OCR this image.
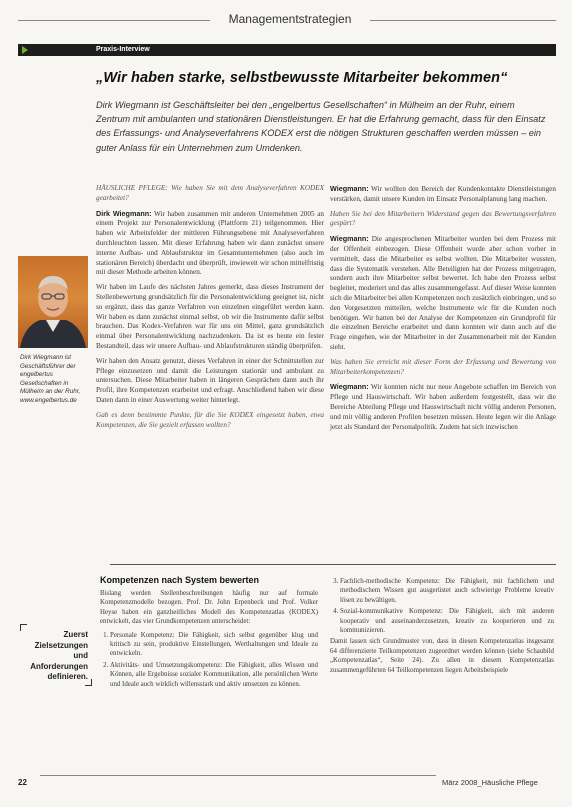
Managementstrategien
Praxis-Interview
„Wir haben starke, selbstbewusste Mitarbeiter bekommen“
Dirk Wiegmann ist Geschäftsleiter bei den „engelbertus Gesellschaften“ in Mülheim an der Ruhr, einem Zentrum mit ambulanten und stationären Dienstleistungen. Er hat die Erfahrung gemacht, dass für den Einsatz des Erfassungs- und Analyseverfahrens KODEX erst die nötigen Strukturen geschaffen werden müssen – ein guter Anlass für ein Unternehmen zum Umdenken.
Dirk Wiegmann ist Geschäftsführer der engelbertus Gesellschaften in Mülheim an der Ruhr, www.engelbertus.de

HÄUSLICHE PFLEGE: Wie haben Sie mit dem Analyseverfahren KODEX gearbeitet?

Dirk Wiegmann: Wir haben zusammen mit anderen Unternehmen 2005 an einem Projekt zur Personalentwicklung (Plattform 21) teilgenommen. Hier haben wir Arbeitsfelder der mittleren Führungsebene mit Analyseverfahren durchleuchten lassen. Mit dieser Erfahrung haben wir dann zunächst unsere interne Aufbau- und Ablaufstruktur im Gesamtunternehmen (also auch im stationären Bereich) überdacht und überprüft, inwieweit wir schon mittelfristig mit dieser Methode arbeiten können.

Wir haben im Laufe des nächsten Jahres gemerkt, dass dieses Instrument der Stellenbewertung grundsätzlich für die Personalentwicklung geeignet ist, nicht so ergänzt, dass das ganze Verfahren von einzelnen eingeführt werden kann. Wir haben es dann zunächst einmal selbst, ob wir die Instrumente dafür selbst brauchen. Das Kodex-Verfahren war für uns ein Mittel, ganz grundsätzlich einmal über Personalentwicklung nachzudenken. Da ist es heute ein fester Bestandteil, dass wir unsere Aufbau- und Ablaufstrukturen ständig überprüfen.

Wir haben den Ansatz genutzt, dieses Verfahren in einer der Schnittstellen zur Pflege einzusetzen und damit die Leistungen stationär und ambulant zu untersuchen. Diese Mitarbeiter haben in längeren Gesprächen dann auch ihr Profil, ihre Kompetenzen erarbeitet und erfragt. Anschließend haben wir diese Daten dann in einer Auswertung weiter hinterlegt.

Gab es denn bestimmte Punkte, für die Sie KODEX eingesetzt haben, etwa Kompetenzen, die Sie gezielt erfassen wollten?

Wiegmann: Wir wollten den Bereich der Kundenkontakte Dienstleistungen verstärken, damit unsere Kunden im Einsatz Personalplanung lang machen.

Haben Sie bei den Mitarbeitern Widerstand gegen das Bewertungsverfahren gespürt?

Wiegmann: Die angesprochenen Mitarbeiter wurden bei dem Prozess mit der Offenheit einbezogen. Diese Offenheit wurde aber schon vorher in vermittelt, dass die Mitarbeiter es selbst wollten. Die Mitarbeiter wussten, dass die Systematik verstehen. Alle Beteiligten hat der Prozess mitgetragen, sondern auch ihre Mitarbeiter selbst bewertet. Ich habe den Prozess selbst begleitet, moderiert und das alles zusammengefasst. Auf dieser Weise konnten sich die Mitarbeiter bei allen Kompetenzen noch zusätzlich einbringen, und so den Vorgesetzten mitteilen, welche Instrumente wir für die Kunden noch benötigen. Wir hatten bei der Analyse der Kompetenzen ein Grundprofil für die einzelnen Bereiche erarbeitet und dann konnten wir dann auch auf die Frage eingehen, wie der Mitarbeiter in der Zusammenarbeit mit der Kunden sieht.

Was haben Sie erreicht mit dieser Form der Erfassung und Bewertung von Mitarbeiterkompetenzen?

Wiegmann: Wir konnten nicht nur neue Angebote schaffen im Bereich von Pflege und Hauswirtschaft. Wir haben außerdem festgestellt, dass wir die Bereiche Abteilung Pflege und Hauswirtschaft nicht völlig anderen Personen, und mit völlig anderen Profilen besetzen müssen. Heute legen wir die Anlage jetzt als Standard der Personalpolitik. Zudem hat sich inzwischen

Kompetenzen nach System bewerten
Zuerst Zielsetzungen und Anforderungen definieren.

Bislang werden Stellenbeschreibungen häufig nur auf formale Kompetenzmodelle bezogen. Prof. Dr. John Erpenbeck und Prof. Volker Heyse haben ein ganzheitliches Modell des Kompetenzatlas (KODEX) entwickelt, das vier Grundkompetenzen unterscheidet:

1. Personale Kompetenz: Die Fähigkeit, sich selbst gegenüber klug und kritisch zu sein, produktive Einstellungen, Werthaltungen und Ideale zu entwickeln.
2. Aktivitäts- und Umsetzungskompetenz: Die Fähigkeit, alles Wissen und Können, alle Ergebnisse sozialer Kommunikation, alle persönlichen Werte und Ideale auch wirklich willensstark und aktiv umsetzen zu können.
3. Fachlich-methodische Kompetenz: Die Fähigkeit, mit fachlichem und methodischem Wissen gut ausgerüstet auch schwierige Probleme kreativ lösen zu bewältigen.
4. Sozial-kommunikative Kompetenz: Die Fähigkeit, sich mit anderen kooperativ und auseinanderzusetzen, kreativ zu kooperieren und zu kommunizieren.

Damit lassen sich Grundmuster von, dass in diesen Kompetenzatlas insgesamt 64 differenzierte Teilkompetenzen zugeordnet werden können (siehe Schaubild „Kompetenzatlas“, Seite 24). Zu allen in diesem Kompetenzatlas zusammengeführten 64 Teilkompetenzen liegen Arbeitsbeispiele

22	März 2008_Häusliche Pflege
